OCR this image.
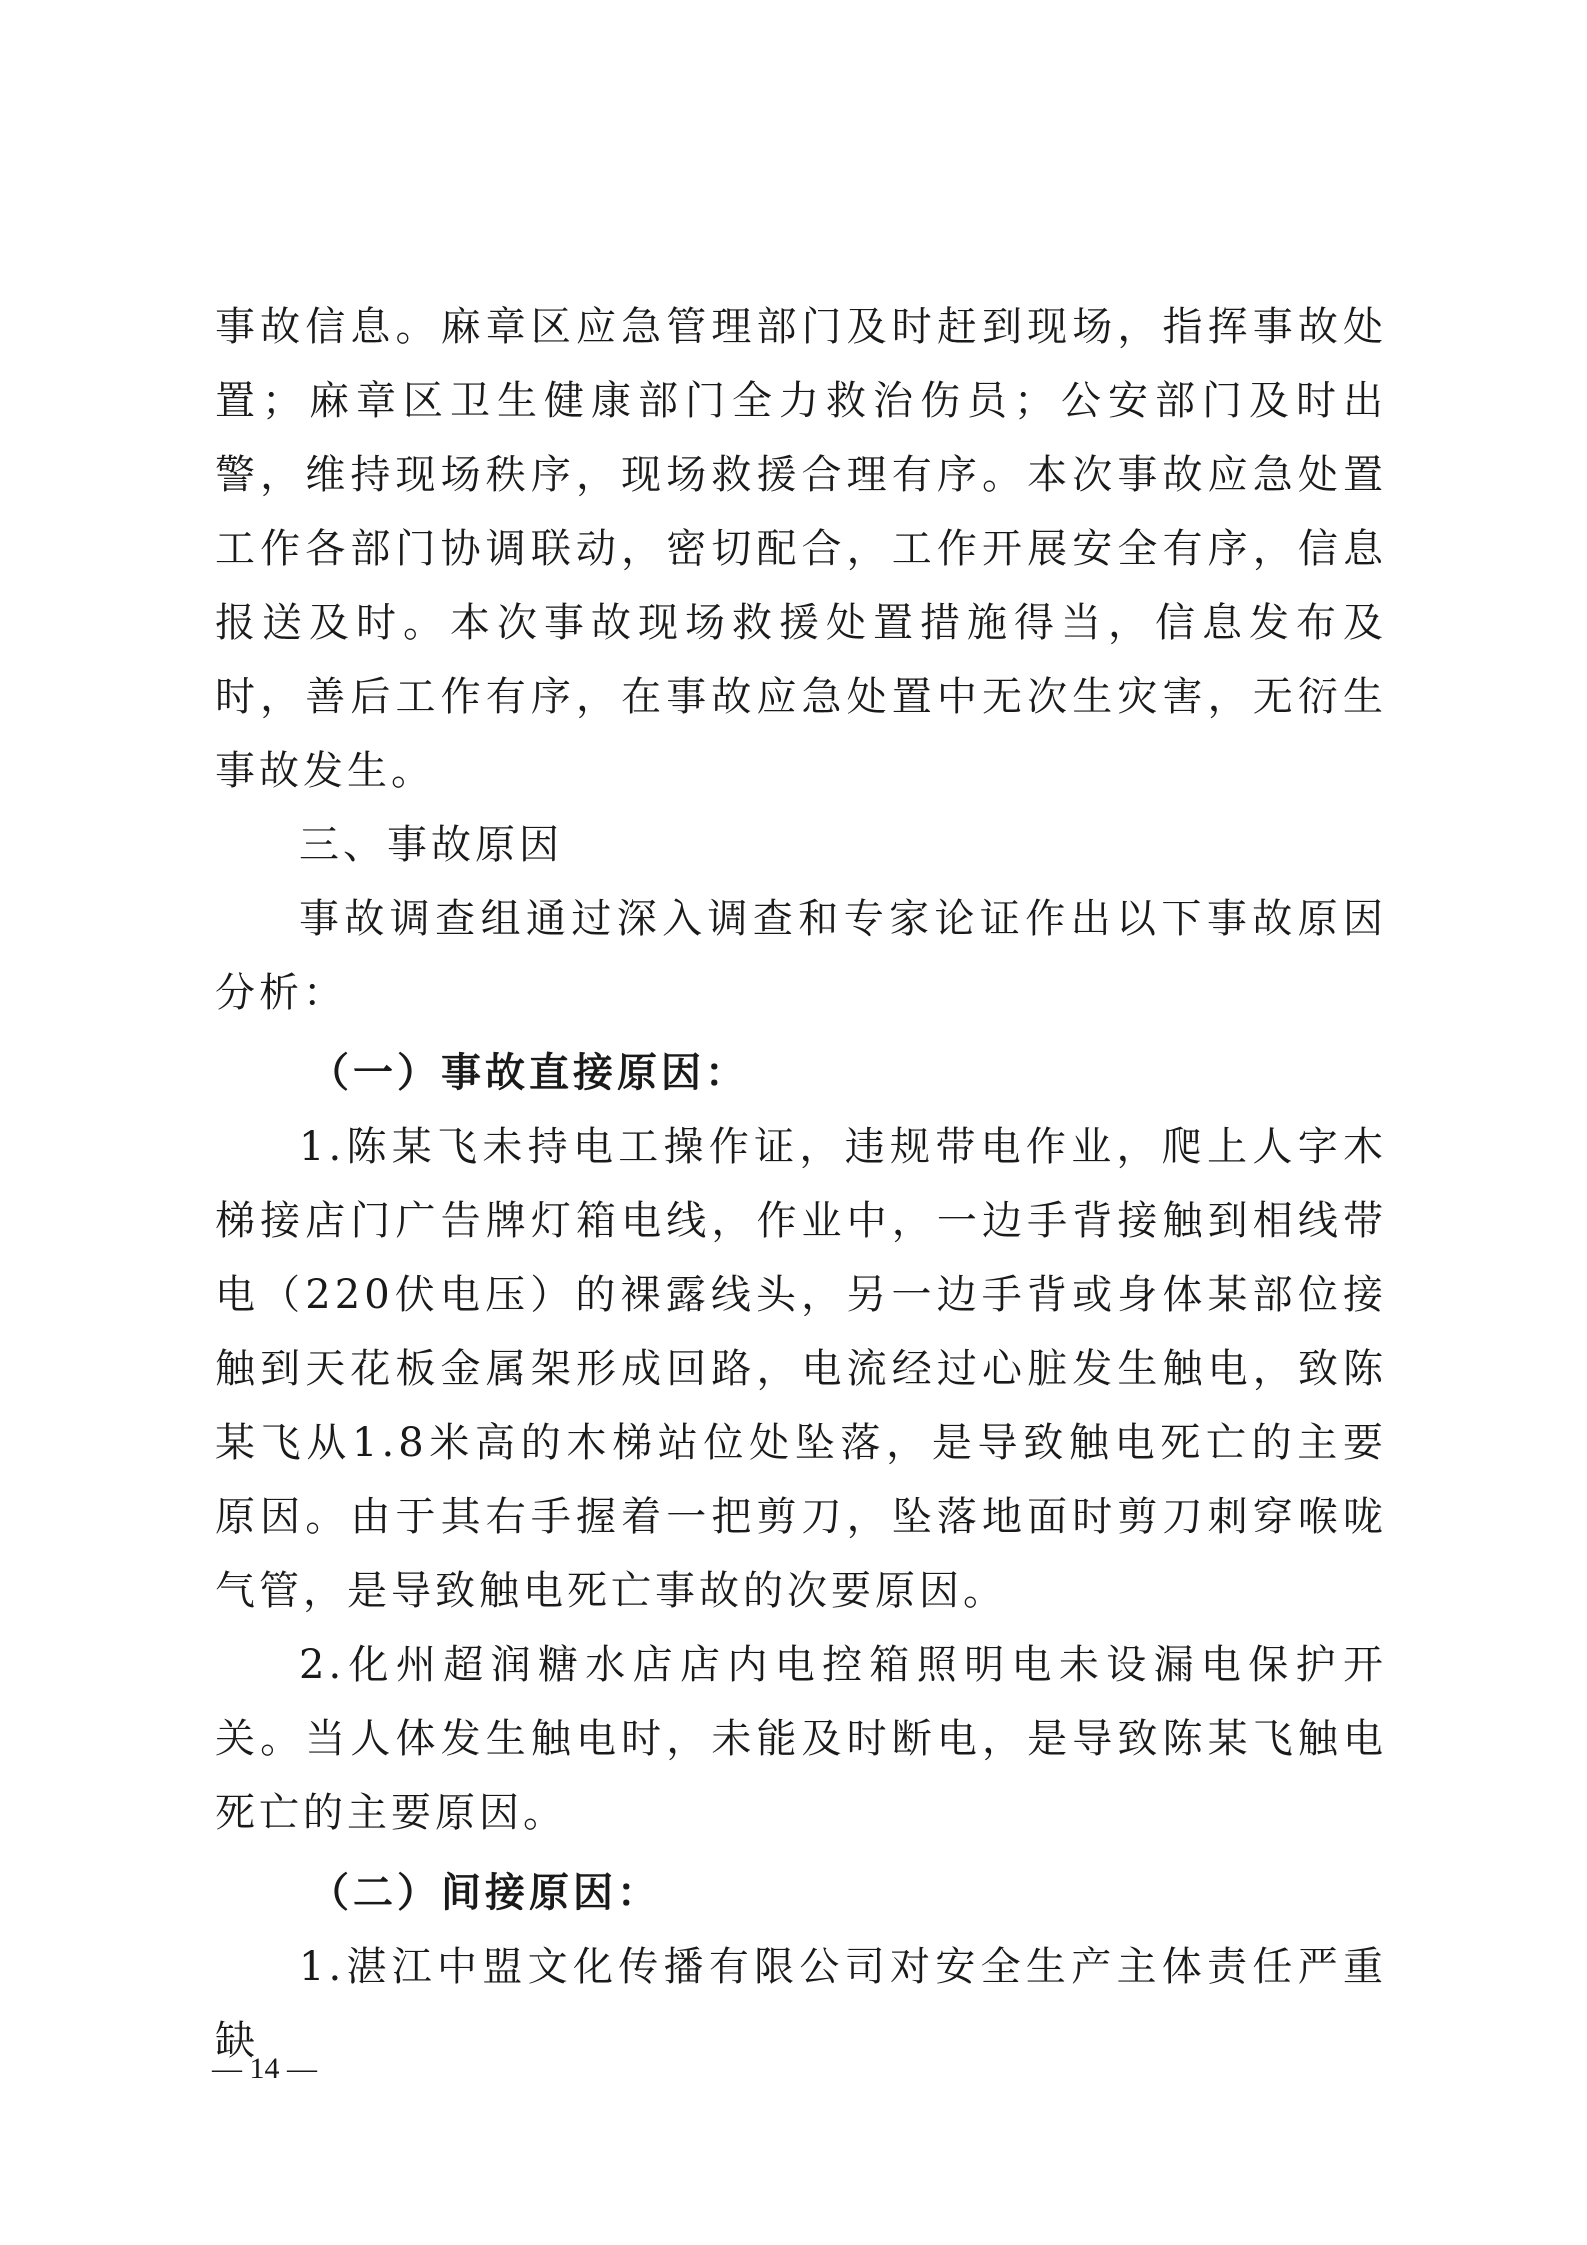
事故信息。麻章区应急管理部门及时赶到现场，指挥事故处置；麻章区卫生健康部门全力救治伤员；公安部门及时出警，维持现场秩序，现场救援合理有序。本次事故应急处置工作各部门协调联动，密切配合，工作开展安全有序，信息报送及时。本次事故现场救援处置措施得当，信息发布及时，善后工作有序，在事故应急处置中无次生灾害，无衍生事故发生。

三、事故原因

事故调查组通过深入调查和专家论证作出以下事故原因分析：

（一）事故直接原因：

1.陈某飞未持电工操作证，违规带电作业，爬上人字木梯接店门广告牌灯箱电线，作业中，一边手背接触到相线带电（220伏电压）的裸露线头，另一边手背或身体某部位接触到天花板金属架形成回路，电流经过心脏发生触电，致陈某飞从1.8米高的木梯站位处坠落，是导致触电死亡的主要原因。由于其右手握着一把剪刀，坠落地面时剪刀刺穿喉咙气管，是导致触电死亡事故的次要原因。

2.化州超润糖水店店内电控箱照明电未设漏电保护开关。当人体发生触电时，未能及时断电，是导致陈某飞触电死亡的主要原因。

（二）间接原因：

1.湛江中盟文化传播有限公司对安全生产主体责任严重缺

— 14 —
